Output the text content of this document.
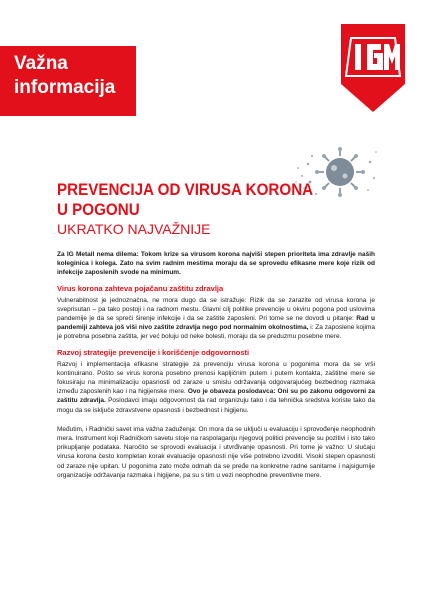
Važna
informacija
PREVENCIJA OD VIRUSA KORONA
U POGONU
UKRATKO NAJVAŽNIJE

Za IG Metall nema dilema: Tokom krize sa virusom korona najviši stepen prioriteta ima zdravlje naših koleginica i kolega. Zato na svim radnim mestima moraju da se sprovedu efikasne mere koje rizik od infekcije zaposlenih svode na minimum.

Virus korona zahteva pojačanu zaštitu zdravlja

Vulnerabilnost je jednoznačna, ne mora dugo da se istražuje: Rizik da se zarazite od virusa korona je sveprisutan – pa tako postoji i na radnom mestu. Glavni cilj politike prevencije u okviru pogona pod uslovima pandemije je da se spreči širenje infekcije i da se zaštite zaposleni. Pri tome se ne dovodi u pitanje: Rad u pandemiji zahteva još viši nivo zaštite zdravlja nego pod normalnim okolnostima, i: Za zaposlene kojima je potrebna posebna zaštita, jer već boluju od neke bolesti, moraju da se preduzmu posebne mere.

Razvoj strategije prevencije i korišćenje odgovornosti

Razvoj i implementacija efikasne strategije za prevenciju virusa korona u pogonima mora da se vrši kontinuirano. Pošto se virus korona posebno prenosi kapljičnim putem i putem kontakta, zaštitne mere se fokusiraju na minimalizaciju opasnosti od zaraze u smislu održavanja odgovarajućeg bezbednog razmaka između zaposlenih kao i na higijenske mere. Ovo je obaveza poslodavca: Oni su po zakonu odgovorni za zaštitu zdravlja. Poslodavci imaju odgovornost da rad organizuju tako i da tehnička sredstva koriste tako da mogu da se isključe zdravstvene opasnosti i bezbednost i higijenu.

Međutim, i Radnički savet ima važna zaduženja: On mora da se uključi u evaluaciju i sprovođenje neophodnih mera. Instrument koji Radničkom savetu stoje na raspolaganju njegovoj politici prevencije su pozitivi i isto tako prikupljanje podataka. Naročito se sprovodi evaluacija i utvrđivanje opasnosti. Pri tome je važno: U slučaju virusa korona često kompletan korak evaluacije opasnosti nije više potrebno izvoditi. Visoki stepen opasnosti od zaraze nije upitan. U pogonima zato može odmah da se pređe na konkretne radne sanitarne i najsigurnije organizacije održavanja razmaka i higijene, pa su s tim u vezi neophodne preventivne mere.
